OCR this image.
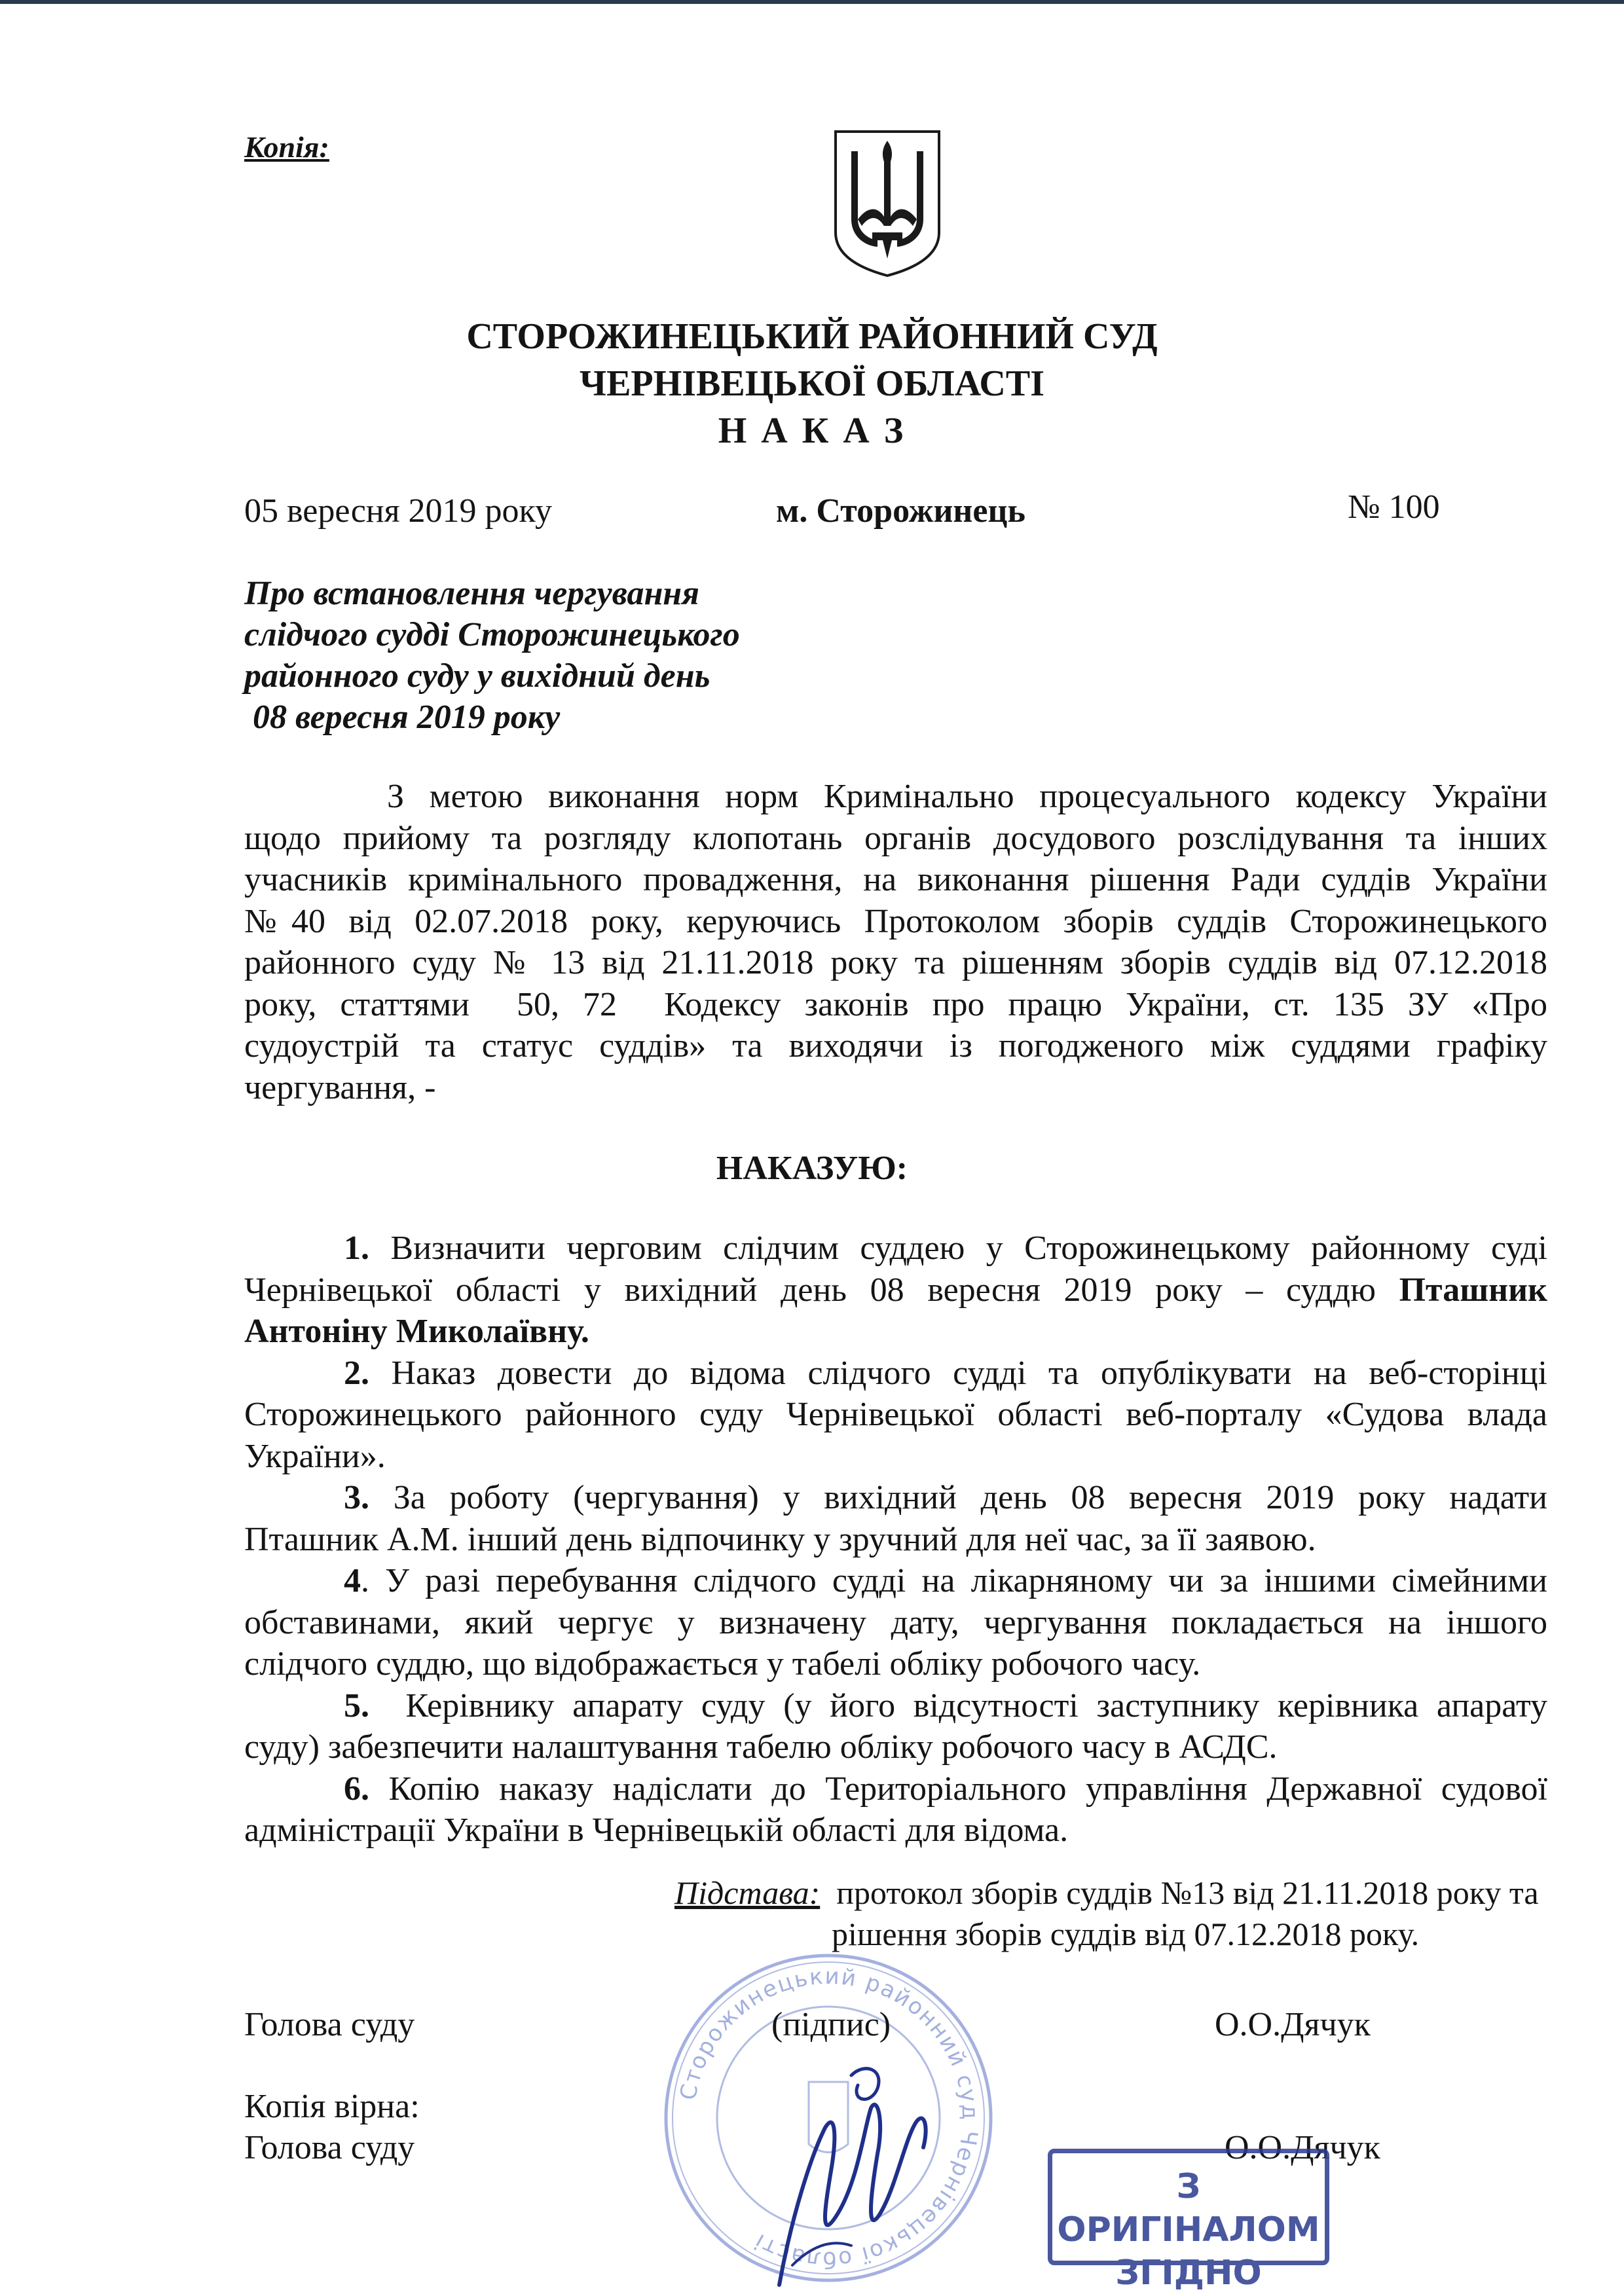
Копія:
СТОРОЖИНЕЦЬКИЙ РАЙОННИЙ СУД
ЧЕРНІВЕЦЬКОЇ ОБЛАСТІ
Н А К А З
05 вересня 2019 року	м. Сторожинець	№ 100
Про встановлення чергування
слідчого судді Сторожинецького
районного суду у вихідний день
08 вересня 2019 року
З метою виконання норм Кримінально процесуального кодексу України
щодо прийому та розгляду клопотань органів досудового розслідування та інших
учасників кримінального провадження, на виконання рішення Ради суддів України
№40 від 02.07.2018 року, керуючись Протоколом зборів суддів Сторожинецького
районного суду № 13 від 21.11.2018 року та рішенням зборів суддів від 07.12.2018
року, статтями  50, 72  Кодексу законів про працю України, ст. 135 ЗУ «Про
судоустрій та статус суддів» та виходячи із погодженого між суддями графіку
чергування, -
НАКАЗУЮ:
1. Визначити черговим слідчим суддею у Сторожинецькому районному суді
Чернівецької області у вихідний день 08 вересня 2019 року – суддю Пташник
Антоніну Миколаївну.
2. Наказ довести до відома слідчого судді та опублікувати на веб-сторінці
Сторожинецького районного суду Чернівецької області веб-порталу «Судова влада
України».
3. За роботу (чергування) у вихідний день 08 вересня 2019 року надати
Пташник А.М. інший день відпочинку у зручний для неї час, за її заявою.
4. У разі перебування слідчого судді на лікарняному чи за іншими сімейними
обставинами, який чергує у визначену дату, чергування покладається на іншого
слідчого суддю, що відображається у табелі обліку робочого часу.
5.  Керівнику апарату суду (у його відсутності заступнику керівника апарату
суду) забезпечити налаштування табелю обліку робочого часу в АСДС.
6. Копію наказу надіслати до Територіального управління Державної судової
адміністрації України в Чернівецькій області для відома.
Підстава: протокол зборів суддів №13 від 21.11.2018 року та
рішення зборів суддів від 07.12.2018 року.
Сторожинецький районний суд Чернівецької області
Голова суду	(підпис)	О.О.Дячук
Копія вірна:
Голова суду	О.О.Дячук
З ОРИГІНАЛОМ
ЗГІДНО
